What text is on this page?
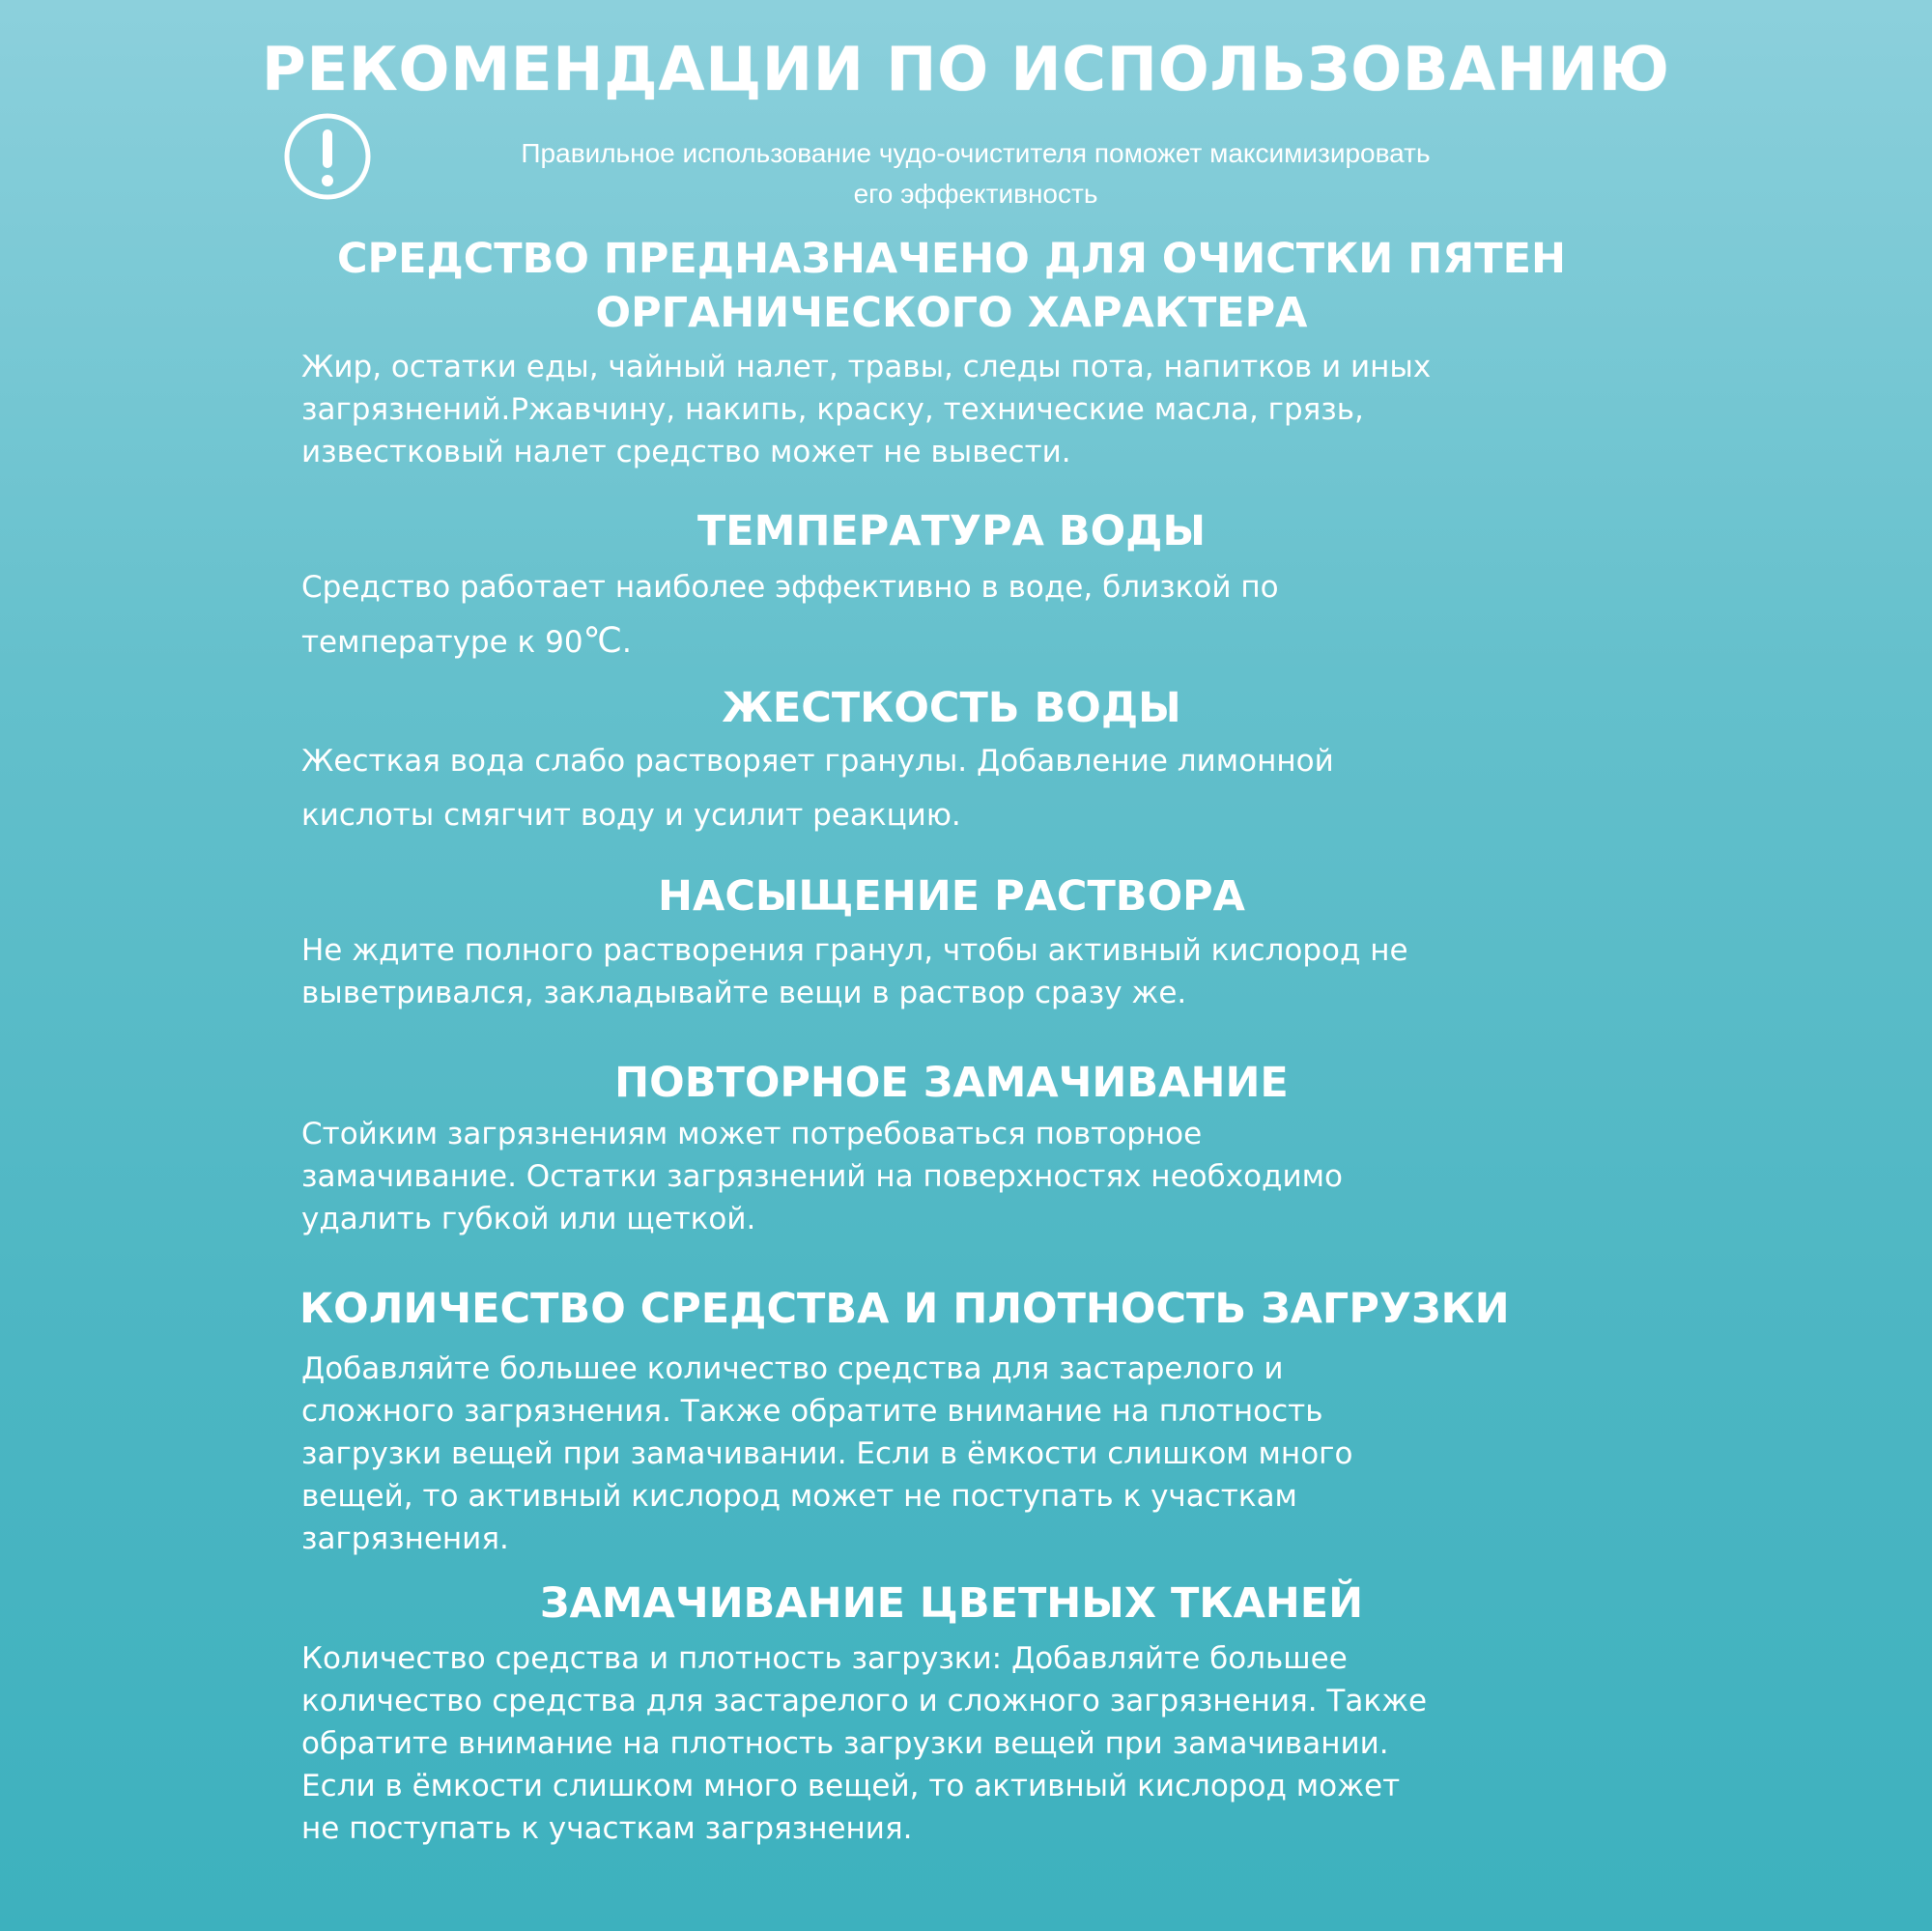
РЕКОМЕНДАЦИИ ПО ИСПОЛЬЗОВАНИЮ
Правильное использование чудо-очистителя поможет максимизировать
его эффективность
СРЕДСТВО ПРЕДНАЗНАЧЕНО ДЛЯ ОЧИСТКИ ПЯТЕН
ОРГАНИЧЕСКОГО ХАРАКТЕРА
Жир, остатки еды, чайный налет, травы, следы пота, напитков и иных
загрязнений.Ржавчину, накипь, краску, технические масла, грязь,
известковый налет средство может не вывести.
ТЕМПЕРАТУРА ВОДЫ
Средство работает наиболее эффективно в воде, близкой по
температуре к 90℃.
ЖЕСТКОСТЬ ВОДЫ
Жесткая вода слабо растворяет гранулы. Добавление лимонной
кислоты смягчит воду и усилит реакцию.
НАСЫЩЕНИЕ РАСТВОРА
Не ждите полного растворения гранул, чтобы активный кислород не
выветривался, закладывайте вещи в раствор сразу же.
ПОВТОРНОЕ ЗАМАЧИВАНИЕ
Стойким загрязнениям может потребоваться повторное
замачивание. Остатки загрязнений на поверхностях необходимо
удалить губкой или щеткой.
КОЛИЧЕСТВО СРЕДСТВА И ПЛОТНОСТЬ ЗАГРУЗКИ
Добавляйте большее количество средства для застарелого и
сложного загрязнения. Также обратите внимание на плотность
загрузки вещей при замачивании. Если в ёмкости слишком много
вещей, то активный кислород может не поступать к участкам
загрязнения.
ЗАМАЧИВАНИЕ ЦВЕТНЫХ ТКАНЕЙ
Количество средства и плотность загрузки: Добавляйте большее
количество средства для застарелого и сложного загрязнения. Также
обратите внимание на плотность загрузки вещей при замачивании.
Если в ёмкости слишком много вещей, то активный кислород может
не поступать к участкам загрязнения.
